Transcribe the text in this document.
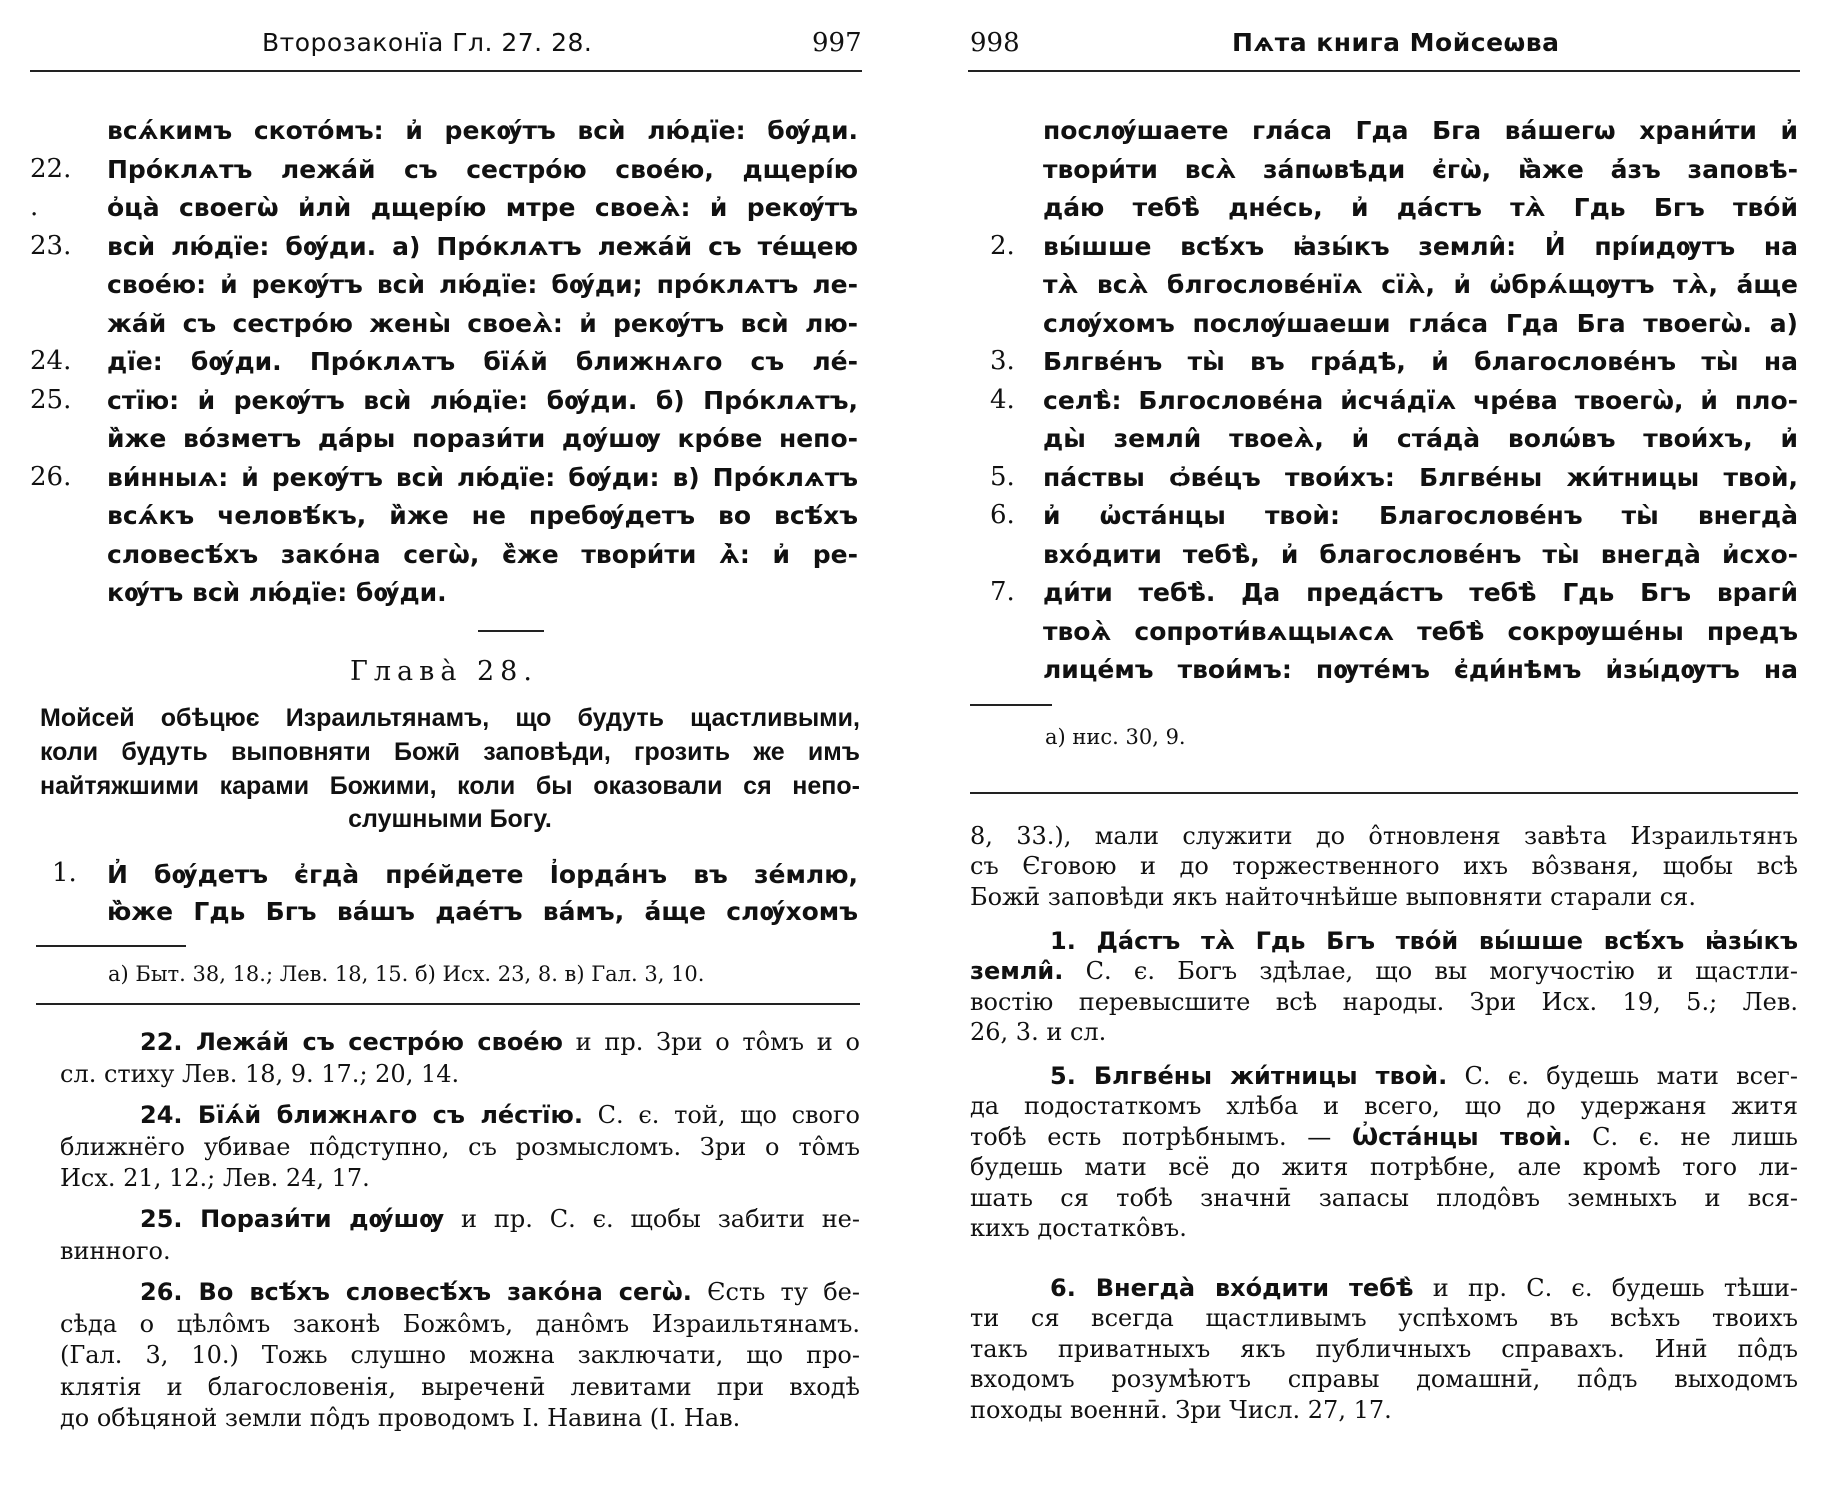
Второзаконїа Гл. 27. 28.	997
всѧ́кимъ ското́мъ: и҆ рекѹ́тъ всѝ лю́дїе: бѹ́ди.
22. Про́клѧтъ лежа́й съ сестро́ю свое́ю, дщері́ю
.	о҆ца̀ своегѡ̀ и҆лѝ дщері́ю мтре своеѧ̀: и҆ рекѹ́тъ
23. всѝ лю́дїе: бѹ́ди. а) Про́клѧтъ лежа́й съ те́щею
свое́ю: и҆ рекѹ́тъ всѝ лю́дїе: бѹ́ди; про́клѧтъ ле-
жа́й съ сестро́ю жены̀ своеѧ̀: и҆ рекѹ́тъ всѝ лю-
24. дїе: бѹ́ди. Про́клѧтъ бїѧ́й ближнѧго съ ле́-
25. стїю: и҆ рекѹ́тъ всѝ лю́дїе: бѹ́ди. б) Про́клѧтъ,
и҆̏же во́зметъ да́ры порази́ти дѹ́шѹ кро́ве непо-
26. ви́нныѧ: и҆ рекѹ́тъ всѝ лю́дїе: бѹ́ди: в) Про́клѧтъ
всѧ́къ человѣ́къ, и҆̏же не пребѹ́детъ во всѣ́хъ
словесѣ́хъ зако́на сегѡ̀, є҆̏же твори́ти ѧ҆̀: и҆ ре-
кѹ́тъ всѝ лю́дїе: бѹ́ди.
Глава̀ 28.
Мойсей обѣцює Израильтянамъ, що будуть щастливыми,
коли будуть выповняти Божӣ заповѣди, грозить же имъ
найтяжшими карами Божими, коли бы оказовали ся непо-
слушными Богу.
1. И҆ бѹ́детъ є҆гда̀ пре́йдете І҆орда́нъ въ зе́млю,
ю҆̏же Гдь Бгъ ва́шъ дае́тъ ва́мъ, а҆́ще слѹ́хомъ
а) Быт. 38, 18.; Лев. 18, 15. б) Исх. 23, 8. в) Гал. 3, 10.
22. Лежа́й съ сестро́ю свое́ю и пр. Зри о тôмъ и о
сл. стиху Лев. 18, 9. 17.; 20, 14.
24. Бїѧ́й ближнѧго съ ле́стїю. С. є. той, що свого
ближнёго убивае пôдступно, съ розмысломъ. Зри о тôмъ
Исх. 21, 12.; Лев. 24, 17.
25. Порази́ти дѹ́шѹ и пр. С. є. щобы забити не-
винного.
26. Во всѣ́хъ словесѣ́хъ зако́на сегѡ̀. Єсть ту бе-
сѣда о цѣлôмъ законѣ Божôмъ, данôмъ Израильтянамъ.
(Гал. 3, 10.) Тожь слушно можна заключати, що про-
клятія и благословенія, выреченӣ левитами при входѣ
до обѣцяной земли пôдъ проводомъ І. Навина (І. Нав.
998	Пѧта книга Мойсеѡва
послѹ́шаете гла́са Гда Бга ва́шегѡ храни́ти и҆
твори́ти всѧ̀ за́пѡвѣди є҆гѡ̀, ꙗ҆̏же а҆́зъ заповѣ-
да́ю тебѣ̀ дне́сь, и҆ да́стъ тѧ̀ Гдь Бгъ тво́й
2. вы́шше всѣ́хъ ꙗ҆зы́къ земли̂: И҆ прі́идѹтъ на
тѧ̀ всѧ̀ блгослове́нїѧ сїѧ̀, и҆ ѡ҆брѧ́щѹтъ тѧ̀, а҆́ще
слѹ́хомъ послѹ́шаеши гла́са Гда Бга твоегѡ̀. а)
3. Блгве́нъ ты̀ въ гра́дѣ, и҆ благослове́нъ ты̀ на
4. селѣ̀: Блгослове́на и҆сча́дїѧ чре́ва твоегѡ̀, и҆ пло-
ды̀ земли̂ твоеѧ̀, и҆ ста́да̀ волѡ́въ твои́хъ, и҆
5. па́ствы ѻ҆ве́цъ твои́хъ: Блгве́ны жи́тницы твоѝ,
6. и҆ ѡ҆ста́нцы твоѝ: Благослове́нъ ты̀ внегда̀
вхо́дити тебѣ̀, и҆ благослове́нъ ты̀ внегда̀ и҆схо-
7. ди́ти тебѣ̀. Да преда́стъ тебѣ̀ Гдь Бгъ враги̂
твоѧ̀ сопроти́вѧщыѧсѧ тебѣ̀ сокрѹше́ны предъ
лице́мъ твои́мъ: пѹте́мъ є҆ди́нѣмъ и҆зы́дѹтъ на
а) нис. 30, 9.
8, 33.), мали служити до ôтновленя завѣта Израильтянъ
съ Єговою и до торжественного ихъ вôзваня, щобы всѣ
Божӣ заповѣди якъ найточнѣйше выповняти старали ся.
1. Да́стъ тѧ̀ Гдь Бгъ тво́й вы́шше всѣ́хъ ꙗ҆зы́къ
земли̂. С. є. Богъ здѣлае, що вы могучостію и щастли-
востію перевысшите всѣ народы. Зри Исх. 19, 5.; Лев.
26, 3. и сл.
5. Блгве́ны жи́тницы твоѝ. С. є. будешь мати всег-
да подостаткомъ хлѣба и всего, що до удержаня житя
тобѣ есть потрѣбнымъ. — Ѡ҆ста́нцы твоѝ. С. є. не лишь
будешь мати всё до житя потрѣбне, але кромѣ того ли-
шать ся тобѣ значнӣ запасы плодôвъ земныхъ и вся-
кихъ достаткôвъ.
6. Внегда̀ вхо́дити тебѣ̀ и пр. С. є. будешь тѣши-
ти ся всегда щастливымъ успѣхомъ въ всѣхъ твоихъ
такъ приватныхъ якъ публичныхъ справахъ. Инӣ пôдъ
входомъ розумѣютъ справы домашнӣ, пôдъ выходомъ
походы военнӣ. Зри Числ. 27, 17.
